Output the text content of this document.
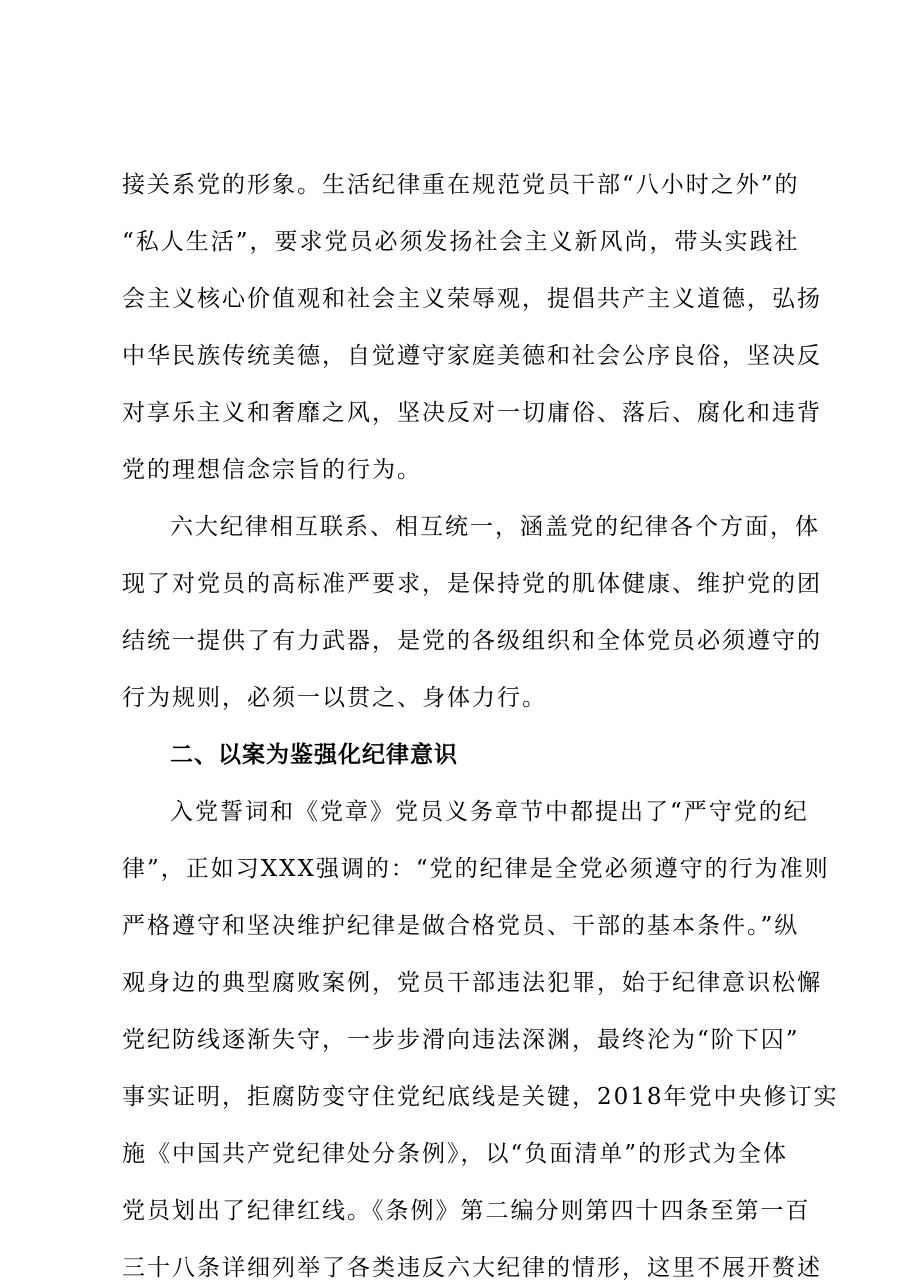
接关系党的形象。生活纪律重在规范党员干部“八小时之外”的
“私人生活”，要求党员必须发扬社会主义新风尚，带头实践社
会主义核心价值观和社会主义荣辱观，提倡共产主义道德，弘扬
中华民族传统美德，自觉遵守家庭美德和社会公序良俗，坚决反
对享乐主义和奢靡之风，坚决反对一切庸俗、落后、腐化和违背
党的理想信念宗旨的行为。
六大纪律相互联系、相互统一，涵盖党的纪律各个方面，体
现了对党员的高标准严要求，是保持党的肌体健康、维护党的团
结统一提供了有力武器，是党的各级组织和全体党员必须遵守的
行为规则，必须一以贯之、身体力行。
二、以案为鉴强化纪律意识
入党誓词和《党章》党员义务章节中都提出了“严守党的纪
律”，正如习XXX强调的：“党的纪律是全党必须遵守的行为准则
严格遵守和坚决维护纪律是做合格党员、干部的基本条件。”纵
观身边的典型腐败案例，党员干部违法犯罪，始于纪律意识松懈
党纪防线逐渐失守，一步步滑向违法深渊，最终沦为“阶下囚”
事实证明，拒腐防变守住党纪底线是关键，2018年党中央修订实
施《中国共产党纪律处分条例》，以“负面清单”的形式为全体
党员划出了纪律红线。《条例》第二编分则第四十四条至第一百
三十八条详细列举了各类违反六大纪律的情形，这里不展开赘述
